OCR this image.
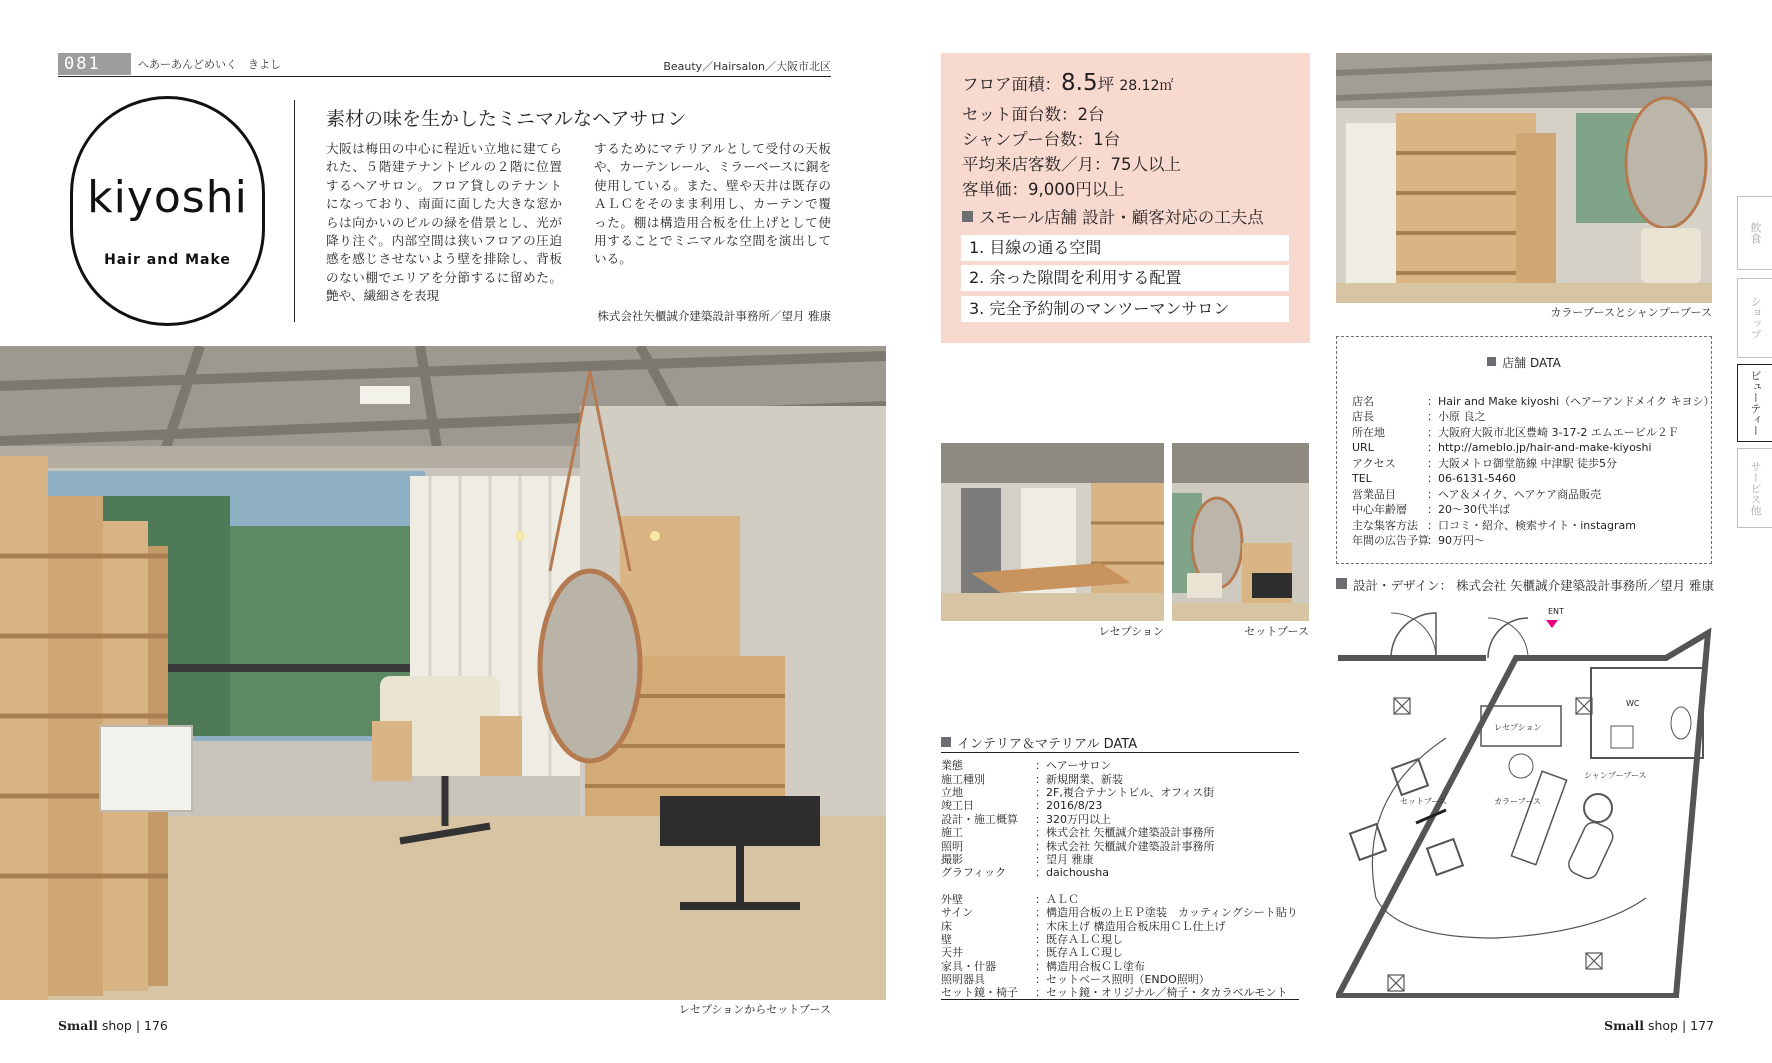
081	へあーあんどめいく　きよし	Beauty／Hairsalon／大阪市北区
kiyoshi
Hair and Make
素材の味を生かしたミニマルなヘアサロン
大阪は梅田の中心に程近い立地に建てられた、５階建テナントビルの２階に位置するヘアサロン。フロア貸しのテナントになっており、南面に面した大きな窓からは向かいのビルの緑を借景とし、光が降り注ぐ。内部空間は狭いフロアの圧迫感を感じさせないよう壁を排除し、背板のない棚でエリアを分節するに留めた。艶や、繊細さを表現
するためにマテリアルとして受付の天板や、カーテンレール、ミラーベースに銅を使用している。また、壁や天井は既存のＡＬＣをそのまま利用し、カーテンで覆った。棚は構造用合板を仕上げとして使用することでミニマルな空間を演出している。
株式会社矢櫃誠介建築設計事務所／望月 雅康
レセプションからセットブース
Small shop | 176
フロア面積：8.5坪 28.12㎡
セット面台数：2台
シャンプー台数：1台
平均来店客数／月：75人以上
客単価：9,000円以上
スモール店舗 設計・顧客対応の工夫点
1. 目線の通る空間
2. 余った隙間を利用する配置
3. 完全予約制のマンツーマンサロン	カラーブースとシャンプーブース
店舗 DATA
店名	：Hair and Make kiyoshi（ヘアーアンドメイク キヨシ）
店長	：小原 良之
所在地	：大阪府大阪市北区豊崎 3-17-2 エムエービル２Ｆ
URL	：http://ameblo.jp/hair-and-make-kiyoshi
アクセス	：大阪メトロ御堂筋線 中津駅 徒歩5分
TEL	：06-6131-5460
営業品目	：ヘア＆メイク、ヘアケア商品販売
中心年齢層 ：20～30代半ば
主な集客方法 ：口コミ・紹介、検索サイト・instagram
年間の広告予算：90万円～
設計・デザイン： 株式会社 矢櫃誠介建築設計事務所／望月 雅康
レセプション	セットブース
インテリア＆マテリアル DATA
業態	：ヘアーサロン
施工種別	：新規開業、新装
立地	：2F,複合テナントビル、オフィス街
竣工日	：2016/8/23
設計・施工概算 ：320万円以上
施工	：株式会社 矢櫃誠介建築設計事務所
照明	：株式会社 矢櫃誠介建築設計事務所
撮影	：望月 雅康
グラフィック	：daichousha
外壁	：ＡＬＣ
サイン	：構造用合板の上ＥＰ塗装　カッティングシート貼り
床	：木床上げ 構造用合板床用ＣＬ仕上げ
壁	：既存ＡＬＣ現し
天井	：既存ＡＬＣ現し
家具・什器	：構造用合板ＣＬ塗布
照明器具	：セットベース照明（ENDO照明）
セット鏡・椅子 ：セット鏡・オリジナル／椅子・タカラベルモント
ENT
WC
レセプション
セットブース	カラーブース
シャンプーブース
飲食
ショップ
ビューティー
サービス他
Small shop | 177
